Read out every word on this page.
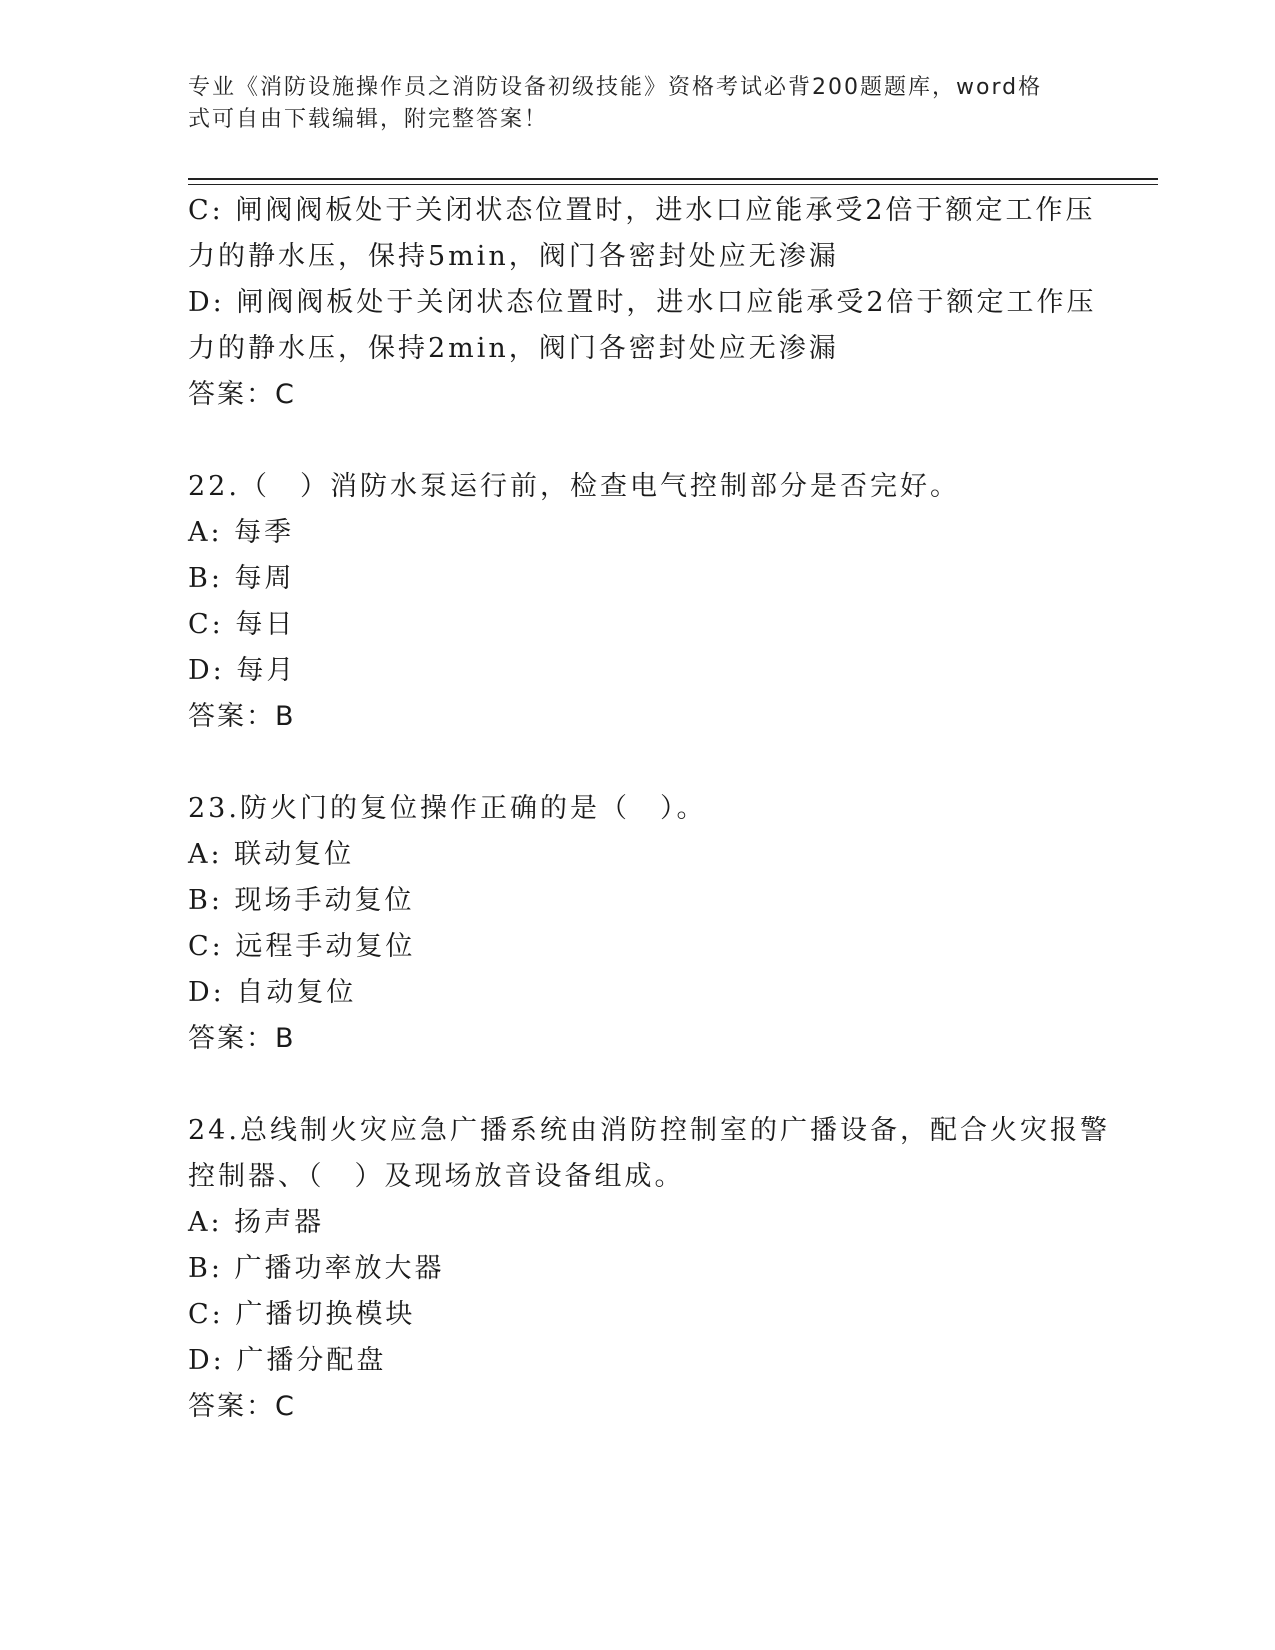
专业《消防设施操作员之消防设备初级技能》资格考试必背200题题库，word格
式可自由下载编辑，附完整答案！

C: 闸阀阀板处于关闭状态位置时，进水口应能承受2倍于额定工作压

力的静水压，保持5min，阀门各密封处应无渗漏

D: 闸阀阀板处于关闭状态位置时，进水口应能承受2倍于额定工作压

力的静水压，保持2min，阀门各密封处应无渗漏

答案：C

22.（　）消防水泵运行前，检查电气控制部分是否完好。

A: 每季

B: 每周

C: 每日

D: 每月

答案：B

23.防火门的复位操作正确的是（　）。

A: 联动复位

B: 现场手动复位

C: 远程手动复位

D: 自动复位

答案：B

24.总线制火灾应急广播系统由消防控制室的广播设备，配合火灾报警

控制器、（　）及现场放音设备组成。

A: 扬声器

B: 广播功率放大器

C: 广播切换模块

D: 广播分配盘

答案：C
